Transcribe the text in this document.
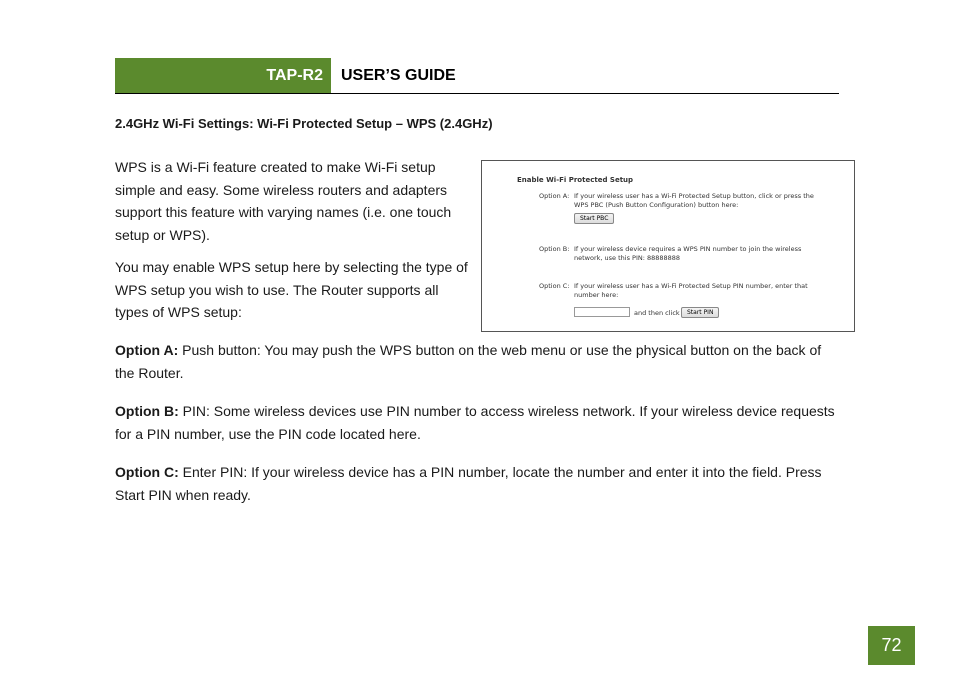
TAP-R2 USER’S GUIDE
2.4GHz Wi-Fi Settings: Wi-Fi Protected Setup – WPS (2.4GHz)
WPS is a Wi-Fi feature created to make Wi-Fi setup simple and easy. Some wireless routers and adapters support this feature with varying names (i.e. one touch setup or WPS).
You may enable WPS setup here by selecting the type of WPS setup you wish to use. The Router supports all types of WPS setup:
Enable Wi-Fi Protected Setup
Option A: If your wireless user has a Wi-Fi Protected Setup button, click or press the WPS PBC (Push Button Configuration) button here:
Start PBC
Option B: If your wireless device requires a WPS PIN number to join the wireless network, use this PIN: 88888888
Option C: If your wireless user has a Wi-Fi Protected Setup PIN number, enter that number here:
and then click	Start PIN
Option A: Push button: You may push the WPS button on the web menu or use the physical button on the back of the Router.
Option B: PIN: Some wireless devices use PIN number to access wireless network. If your wireless device requests for a PIN number, use the PIN code located here.
Option C: Enter PIN: If your wireless device has a PIN number, locate the number and enter it into the field. Press Start PIN when ready.
72
